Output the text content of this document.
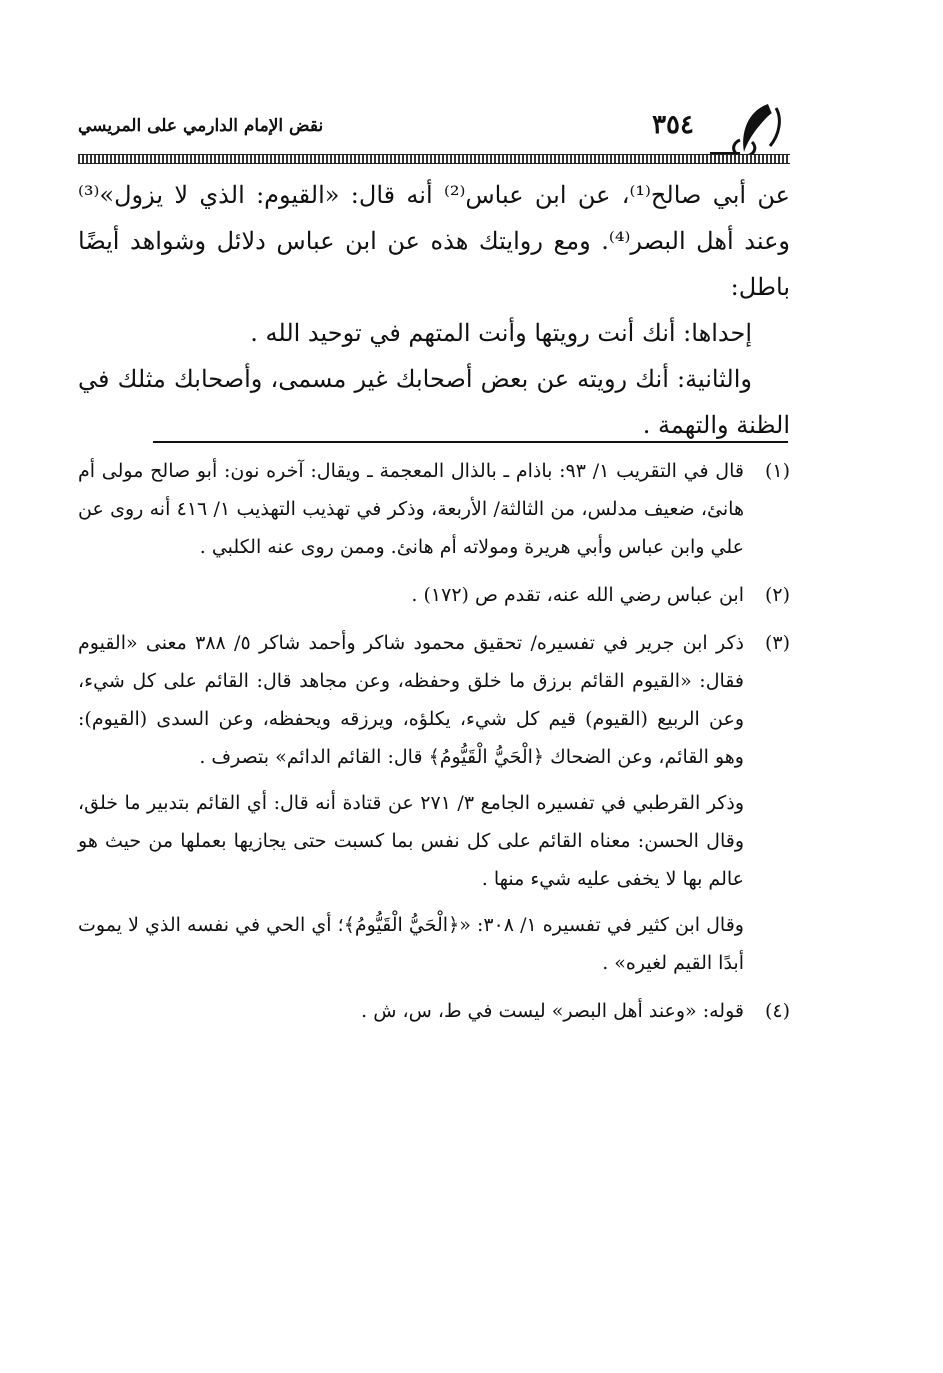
نقض الإمام الدارمي على المريسي	٣٥٤

عن أبي صالح⁽¹⁾، عن ابن عباس⁽²⁾ أنه قال: «القيوم: الذي لا يزول»⁽³⁾ وعند أهل البصر⁽⁴⁾. ومع روايتك هذه عن ابن عباس دلائل وشواهد أيضًا باطل:

إحداها: أنك أنت رويتها وأنت المتهم في توحيد الله .

والثانية: أنك رويته عن بعض أصحابك غير مسمى، وأصحابك مثلك في الظنة والتهمة .

(١)

قال في التقريب ١/ ٩٣: باذام ـ بالذال المعجمة ـ ويقال: آخره نون: أبو صالح مولى أم هانئ، ضعيف مدلس، من الثالثة/ الأربعة، وذكر في تهذيب التهذيب ١/ ٤١٦ أنه روى عن علي وابن عباس وأبي هريرة ومولاته أم هانئ. وممن روى عنه الكلبي .

(٢)

ابن عباس رضي الله عنه، تقدم ص (١٧٢) .

(٣)

ذكر ابن جرير في تفسيره/ تحقيق محمود شاكر وأحمد شاكر ٥/ ٣٨٨ معنى «القيوم فقال: «القيوم القائم برزق ما خلق وحفظه، وعن مجاهد قال: القائم على كل شيء، وعن الربيع (القيوم) قيم كل شيء، يكلؤه، ويرزقه ويحفظه، وعن السدى (القيوم): وهو القائم، وعن الضحاك ﴿الْحَيُّ الْقَيُّومُ﴾ قال: القائم الدائم» بتصرف .

وذكر القرطبي في تفسيره الجامع ٣/ ٢٧١ عن قتادة أنه قال: أي القائم بتدبير ما خلق، وقال الحسن: معناه القائم على كل نفس بما كسبت حتى يجازيها بعملها من حيث هو عالم بها لا يخفى عليه شيء منها .

وقال ابن كثير في تفسيره ١/ ٣٠٨: «﴿الْحَيُّ الْقَيُّومُ﴾؛ أي الحي في نفسه الذي لا يموت أبدًا القيم لغيره» .

(٤)

قوله: «وعند أهل البصر» ليست في ط، س، ش .
